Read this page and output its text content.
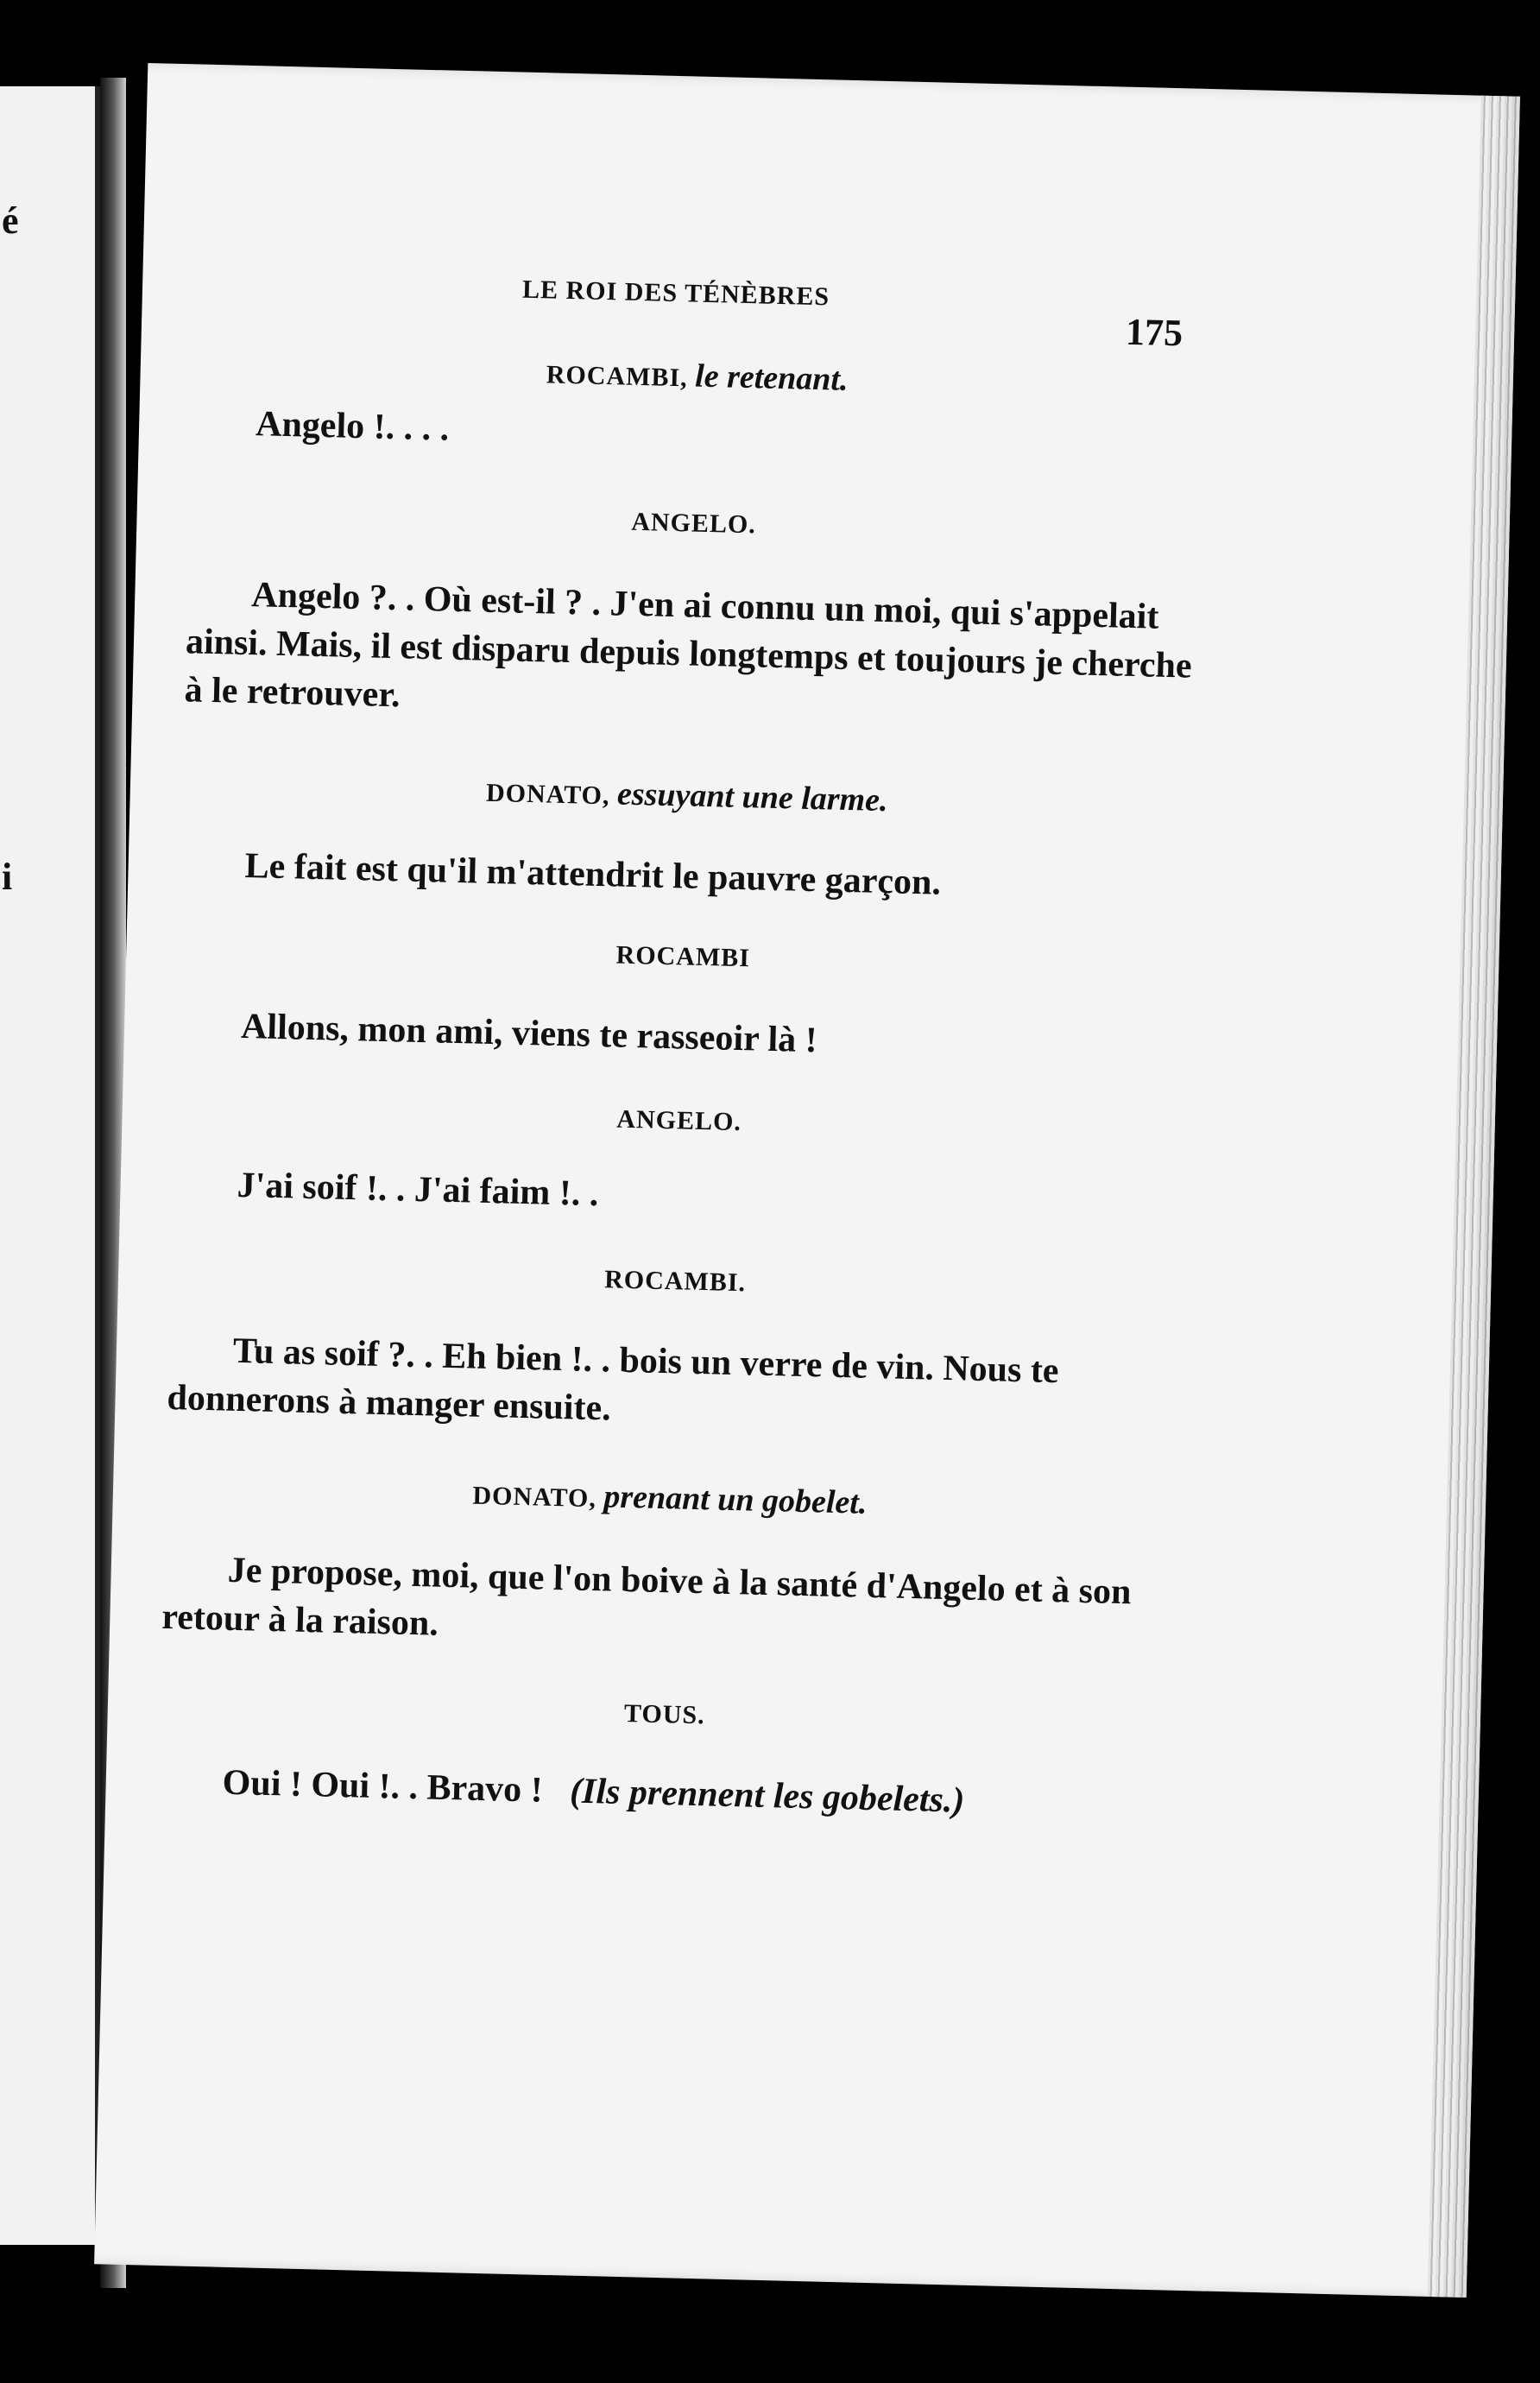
é
i
LE ROI DES TÉNÈBRES
175

ROCAMBI, le retenant.

Angelo !. . . .

ANGELO.

Angelo ?. . Où est-il ? . J'en ai connu un moi, qui s'appelait ainsi. Mais, il est disparu depuis longtemps et toujours je cherche à le retrouver.

DONATO, essuyant une larme.

Le fait est qu'il m'attendrit le pauvre garçon.

ROCAMBI

Allons, mon ami, viens te rasseoir là !

ANGELO.

J'ai soif !. . J'ai faim !. .

ROCAMBI.

Tu as soif ?. . Eh bien !. . bois un verre de vin. Nous te donnerons à manger ensuite.

DONATO, prenant un gobelet.

Je propose, moi, que l'on boive à la santé d'Angelo et à son retour à la raison.

TOUS.

Oui ! Oui !. . Bravo ! (Ils prennent les gobelets.)
